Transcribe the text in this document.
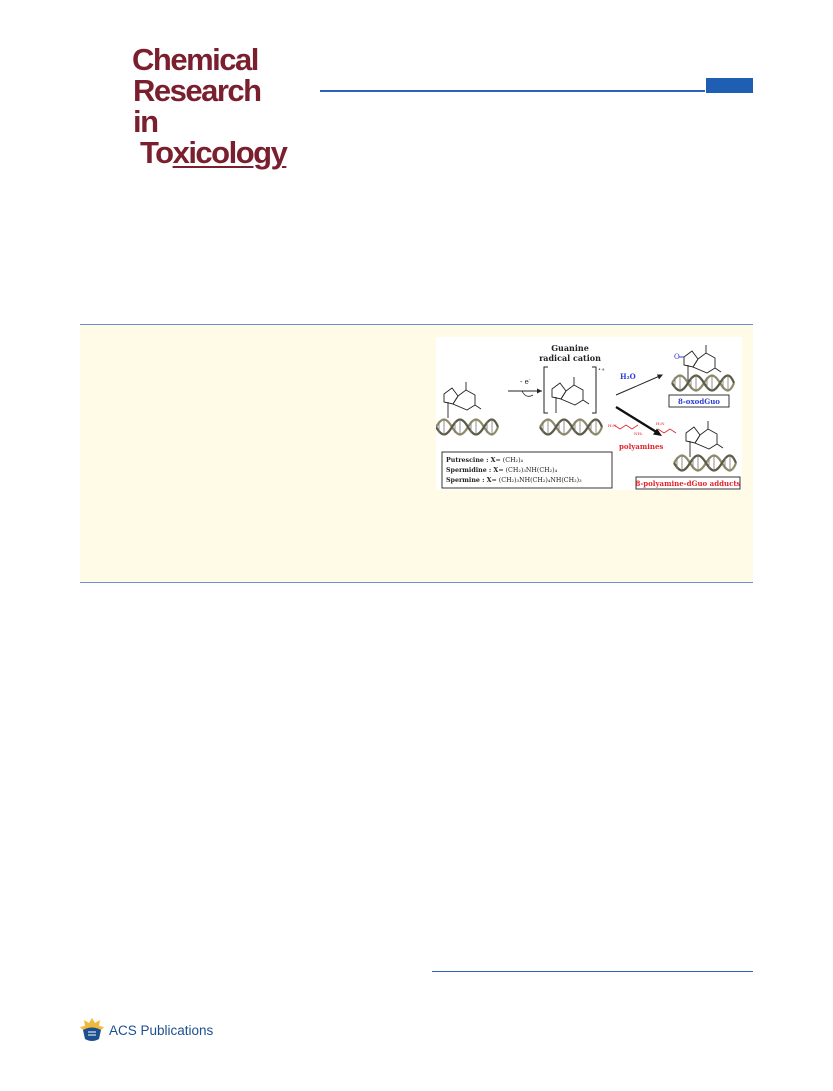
Chemical
Research in
Toxicology
- e-
Guanine
radical cation
•+
H₂O
O
8-oxodGuo
polyamines
H₂N
NH₂
H₂N
8-polyamine-dGuo adducts
Putrescine : X= (CH₂)₄
Spermidine : X= (CH₂)₃NH(CH₂)₄
Spermine : X= (CH₂)₃NH(CH₂)₄NH(CH₂)₃
ACS Publications
